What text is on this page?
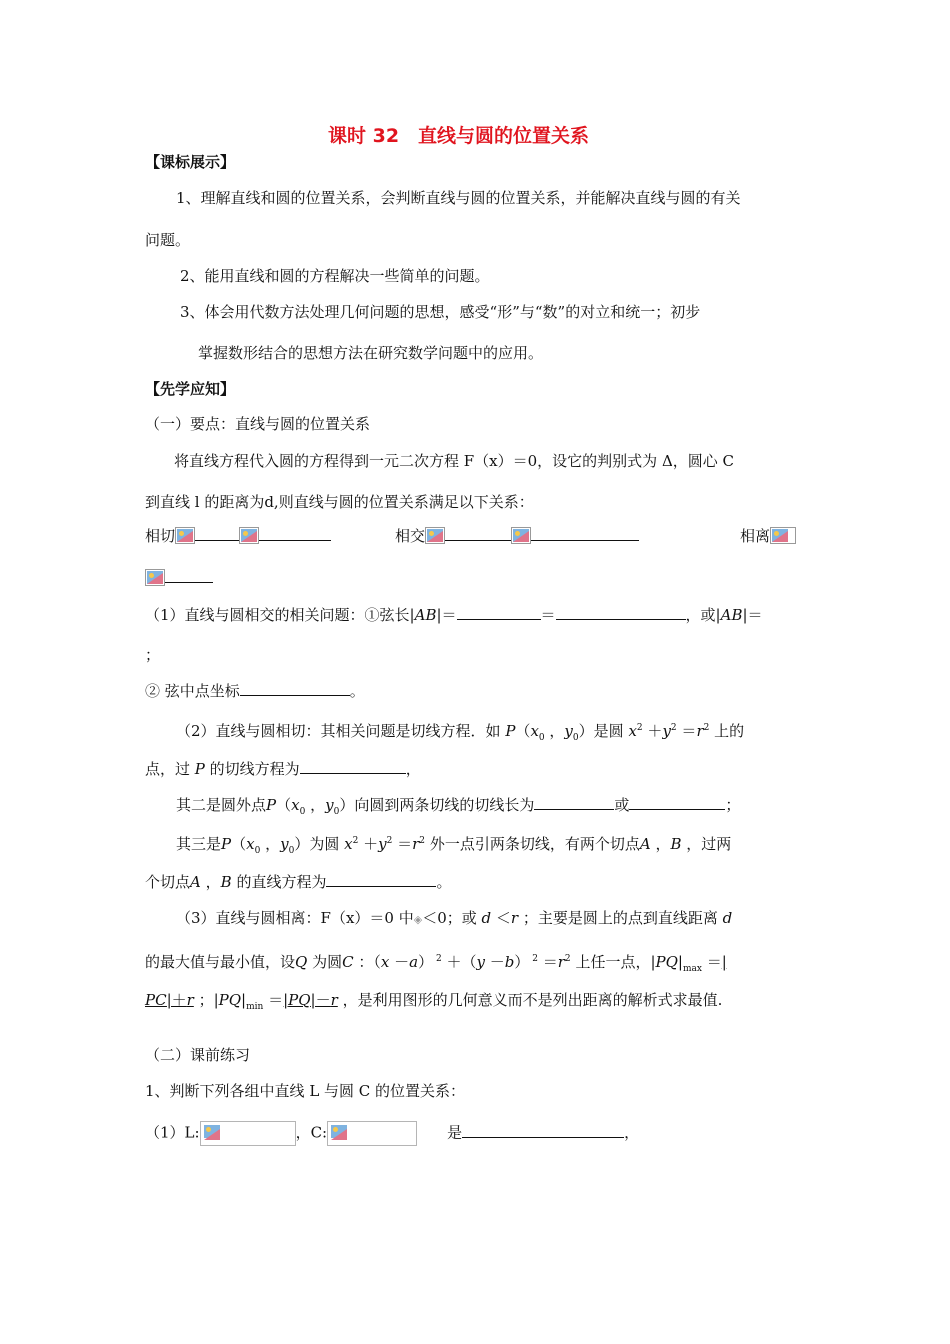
课时 32　直线与圆的位置关系
【课标展示】
1、理解直线和圆的位置关系，会判断直线与圆的位置关系，并能解决直线与圆的有关
问题。
2、能用直线和圆的方程解决一些简单的问题。
3、体会用代数方法处理几何问题的思想，感受“形”与“数”的对立和统一；初步
掌握数形结合的思想方法在研究数学问题中的应用。
【先学应知】
（一）要点：直线与圆的位置关系
将直线方程代入圆的方程得到一元二次方程 F（x）＝0，设它的判别式为 Δ，圆心 C
到直线 l 的距离为d,则直线与圆的位置关系满足以下关系：
相切	相交	相离
（1）直线与圆相交的相关问题：①弦长|AB|＝	＝	，或|AB|＝
；
② 弦中点坐标	。
（2）直线与圆相切：其相关问题是切线方程．如 $P(x_0$ ，$y_0$）是圆 $x^2 +y^2 =r^2$ 上的
点，过 P 的切线方程为	，
其二是圆外点$P(x_0$ ，$y_0$）向圆到两条切线的切线长为	或	；
其三是$P(x_0$ ，$y_0$）为圆 $x^2 +y^2 =r^2$ 外一点引两条切线，有两个切点A ，B ，过两
个切点A ，B 的直线方程为	。
（3）直线与圆相离：F（x）＝0 中◈＜0；或 d ＜r ；主要是圆上的点到直线距离 d
的最大值与最小值，设Q 为圆C ：（x －a） $^2$ ＋（y －b） $^2 =r^2$ 上任一点，$|PQ|_{max}$ ＝|
PC|＋r ；$|PQ|_{min} =|PQ|-r$ ，是利用图形的几何意义而不是列出距离的解析式求最值.
（二）课前练习
1、判断下列各组中直线 L 与圆 C 的位置关系：
（1）L:	，C:
　　	是	，
